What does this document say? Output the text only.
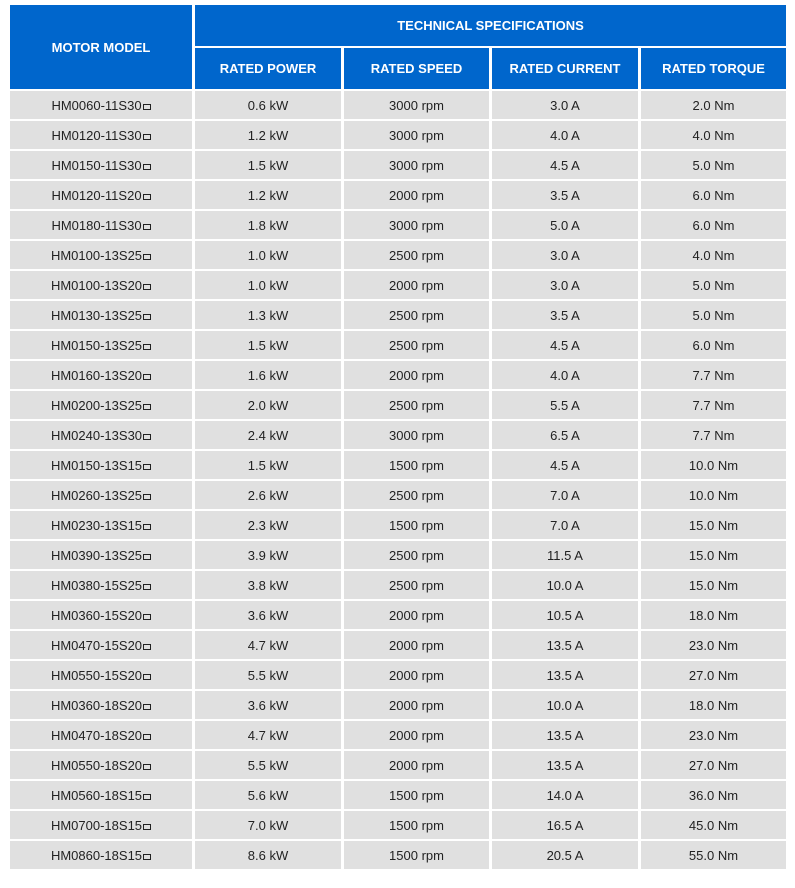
MOTOR MODEL	TECHNICAL SPECIFICATIONS			
	RATED POWER	RATED SPEED	RATED CURRENT	RATED TORQUE
HM0060-11S30	0.6 kW	3000 rpm	3.0 A	2.0 Nm
HM0120-11S30	1.2 kW	3000 rpm	4.0 A	4.0 Nm
HM0150-11S30	1.5 kW	3000 rpm	4.5 A	5.0 Nm
HM0120-11S20	1.2 kW	2000 rpm	3.5 A	6.0 Nm
HM0180-11S30	1.8 kW	3000 rpm	5.0 A	6.0 Nm
HM0100-13S25	1.0 kW	2500 rpm	3.0 A	4.0 Nm
HM0100-13S20	1.0 kW	2000 rpm	3.0 A	5.0 Nm
HM0130-13S25	1.3 kW	2500 rpm	3.5 A	5.0 Nm
HM0150-13S25	1.5 kW	2500 rpm	4.5 A	6.0 Nm
HM0160-13S20	1.6 kW	2000 rpm	4.0 A	7.7 Nm
HM0200-13S25	2.0 kW	2500 rpm	5.5 A	7.7 Nm
HM0240-13S30	2.4 kW	3000 rpm	6.5 A	7.7 Nm
HM0150-13S15	1.5 kW	1500 rpm	4.5 A	10.0 Nm
HM0260-13S25	2.6 kW	2500 rpm	7.0 A	10.0 Nm
HM0230-13S15	2.3 kW	1500 rpm	7.0 A	15.0 Nm
HM0390-13S25	3.9 kW	2500 rpm	11.5 A	15.0 Nm
HM0380-15S25	3.8 kW	2500 rpm	10.0 A	15.0 Nm
HM0360-15S20	3.6 kW	2000 rpm	10.5 A	18.0 Nm
HM0470-15S20	4.7 kW	2000 rpm	13.5 A	23.0 Nm
HM0550-15S20	5.5 kW	2000 rpm	13.5 A	27.0 Nm
HM0360-18S20	3.6 kW	2000 rpm	10.0 A	18.0 Nm
HM0470-18S20	4.7 kW	2000 rpm	13.5 A	23.0 Nm
HM0550-18S20	5.5 kW	2000 rpm	13.5 A	27.0 Nm
HM0560-18S15	5.6 kW	1500 rpm	14.0 A	36.0 Nm
HM0700-18S15	7.0 kW	1500 rpm	16.5 A	45.0 Nm
HM0860-18S15	8.6 kW	1500 rpm	20.5 A	55.0 Nm
